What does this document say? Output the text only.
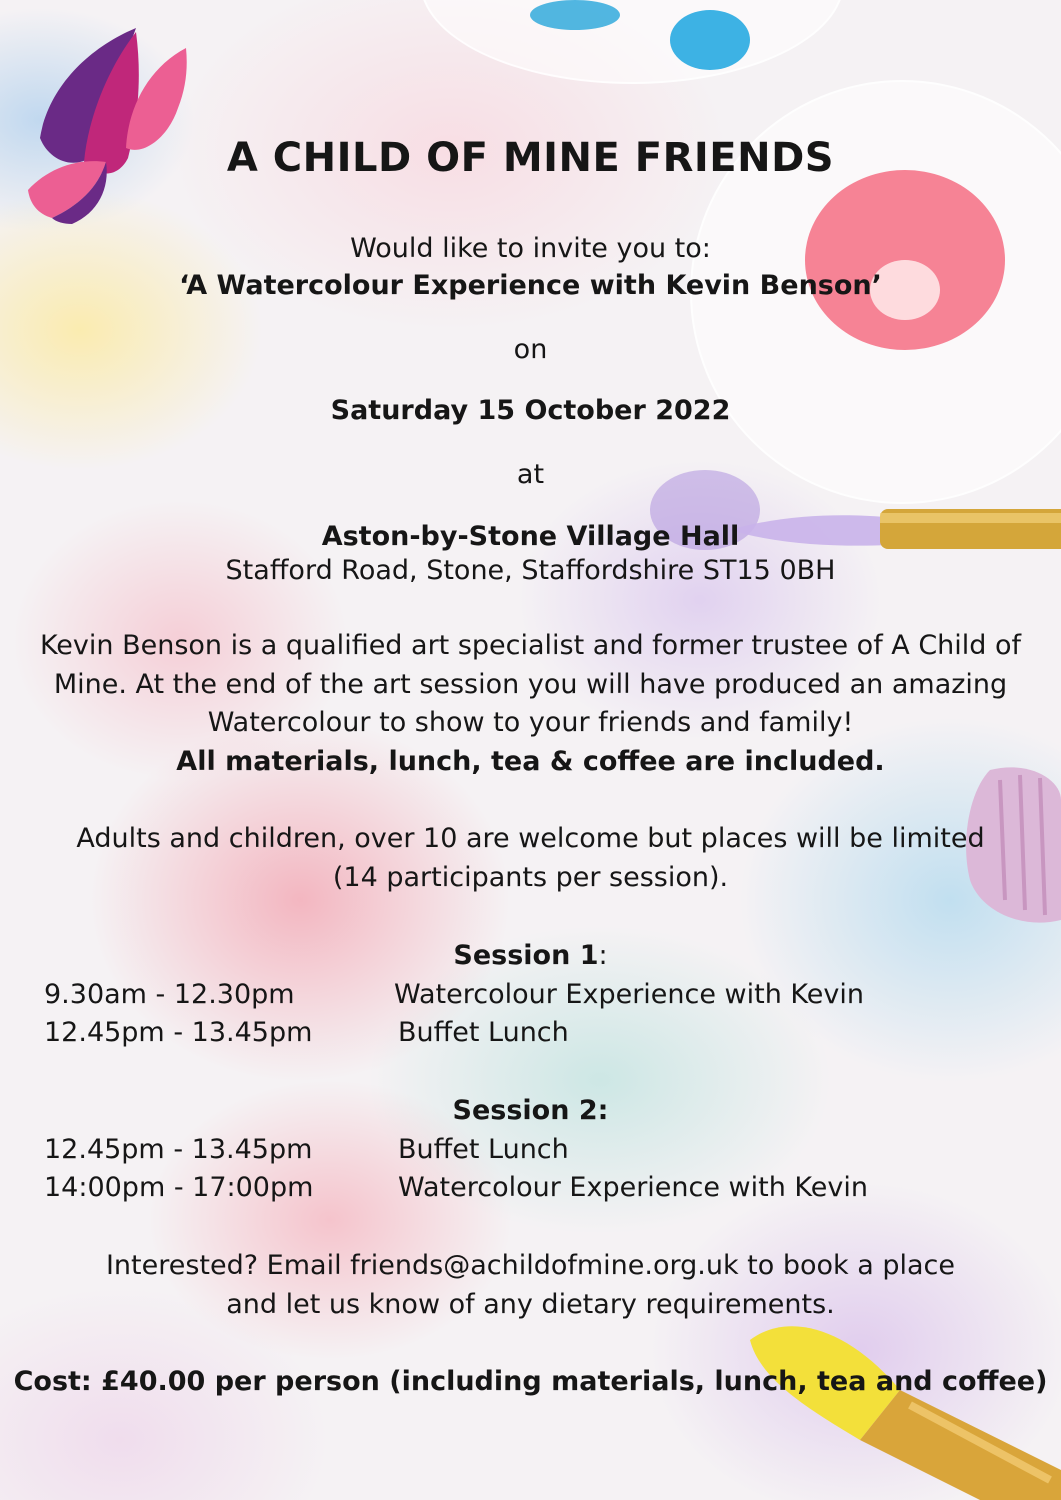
A CHILD OF MINE FRIENDS
Would like to invite you to:
‘A Watercolour Experience with Kevin Benson’
on
Saturday 15 October 2022
at
Aston-by-Stone Village Hall
Stafford Road, Stone, Staffordshire ST15 0BH
Kevin Benson is a qualified art specialist and former trustee of A Child of
Mine. At the end of the art session you will have produced an amazing
Watercolour to show to your friends and family!
All materials, lunch, tea & coffee are included.
Adults and children, over 10 are welcome but places will be limited
(14 participants per session).
Session 1:
9.30am - 12.30pm	Watercolour Experience with Kevin
12.45pm - 13.45pm	Buffet Lunch
Session 2:
12.45pm - 13.45pm	Buffet Lunch
14:00pm - 17:00pm	Watercolour Experience with Kevin
Interested? Email friends@achildofmine.org.uk to book a place
and let us know of any dietary requirements.
Cost: £40.00 per person (including materials, lunch, tea and coffee)
